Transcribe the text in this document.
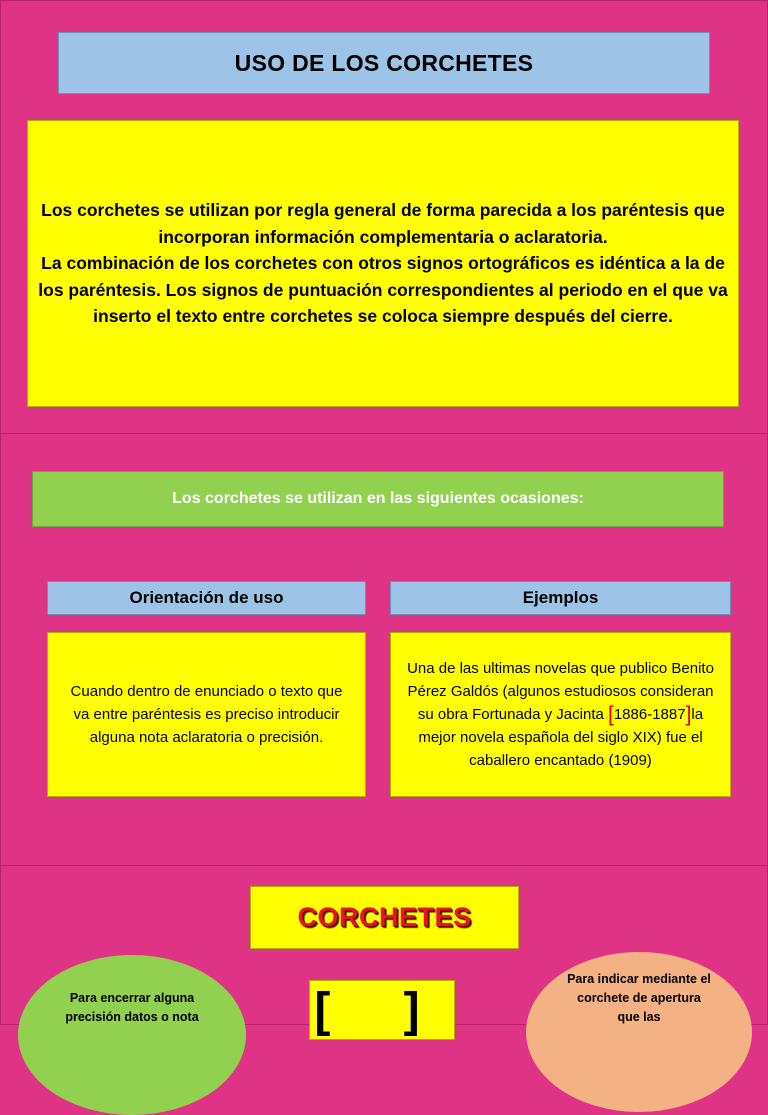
USO DE LOS CORCHETES
Los corchetes se utilizan por regla general de forma parecida a los paréntesis que incorporan información complementaria o aclaratoria.
La combinación de los corchetes con otros signos ortográficos es idéntica a la de los paréntesis. Los signos de puntuación correspondientes al periodo en el que va inserto el texto entre corchetes se coloca siempre después del cierre.
Los corchetes se utilizan en las siguientes ocasiones:
Orientación de uso	Ejemplos
Cuando dentro de enunciado o texto que va entre paréntesis es preciso introducir alguna nota aclaratoria o precisión.
Una de las ultimas novelas que publico Benito Pérez Galdós (algunos estudiosos consideran su obra Fortunada y Jacinta [1886-1887]la mejor novela española del siglo XIX) fue el caballero encantado (1909)
CORCHETES
Para encerrar alguna precisión datos o nota [ ]
Para indicar mediante el corchete de apertura que las
